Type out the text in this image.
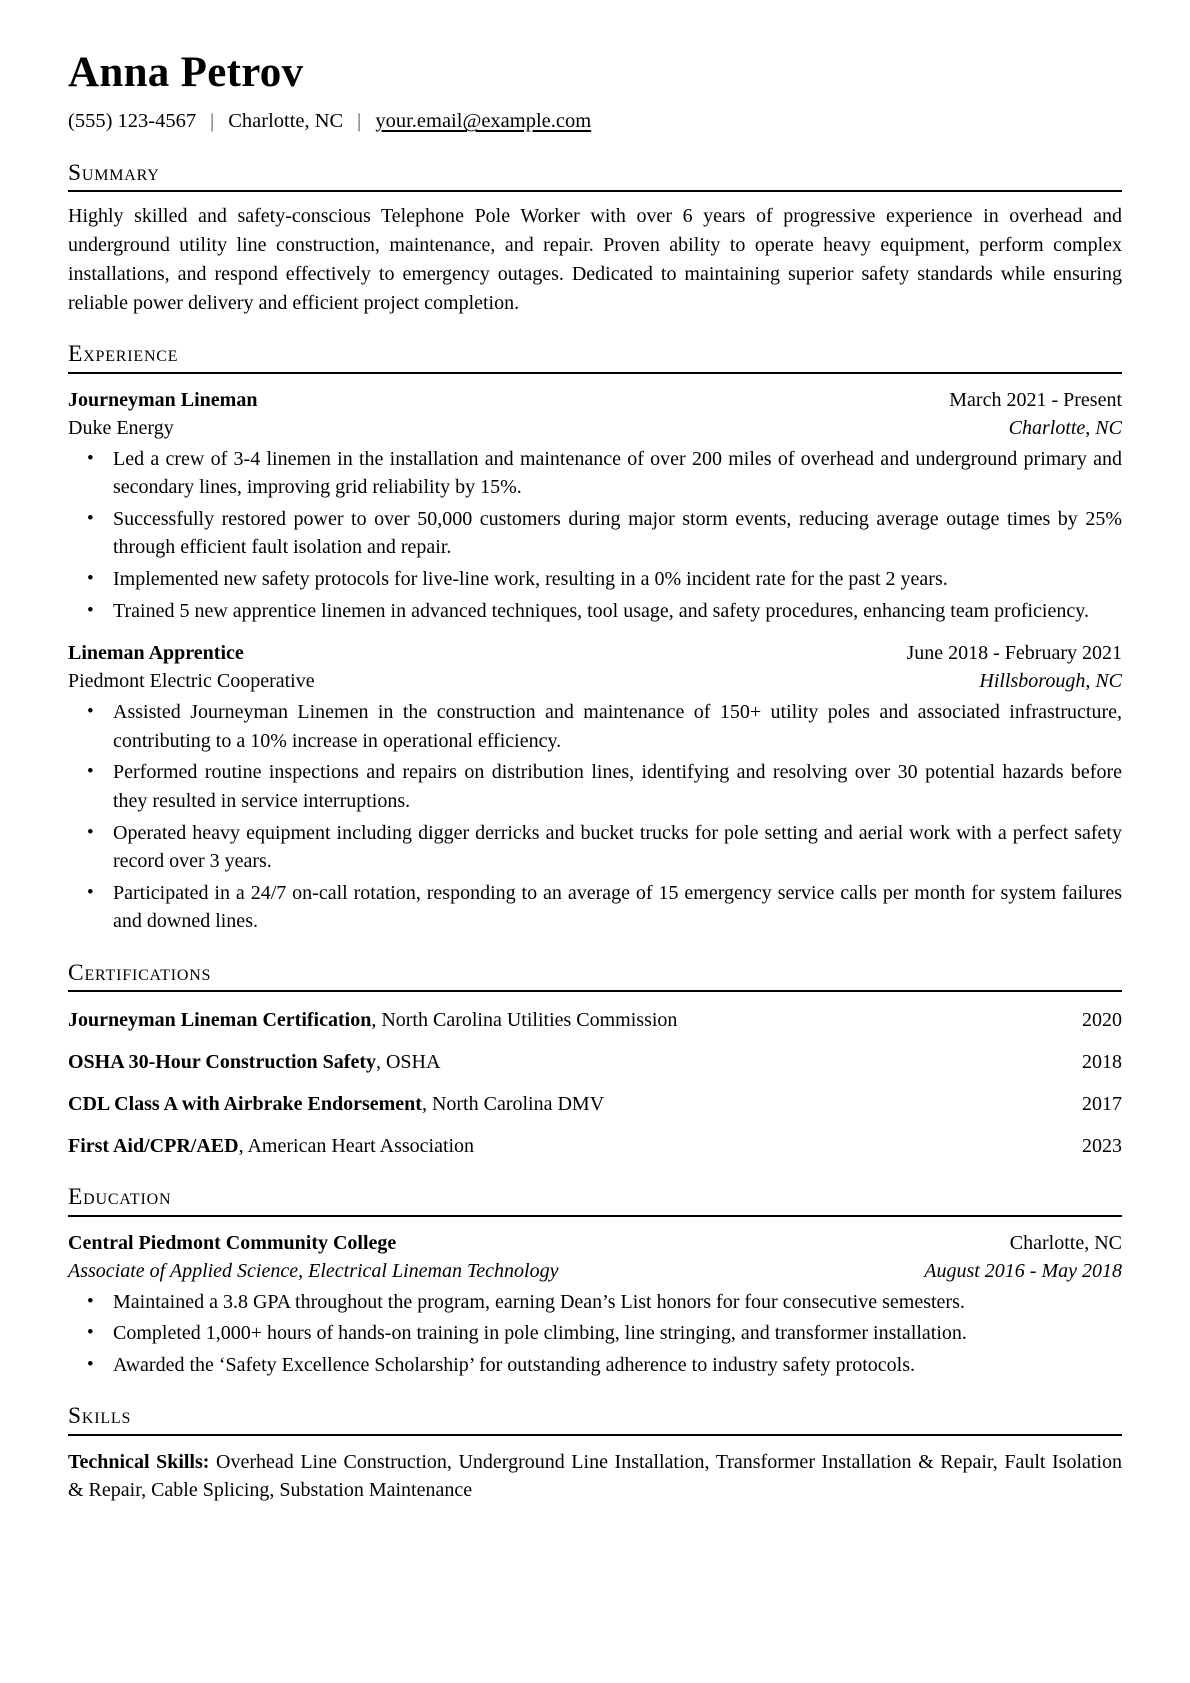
Anna Petrov
(555) 123-4567 | Charlotte, NC | your.email@example.com
Summary

Highly skilled and safety-conscious Telephone Pole Worker with over 6 years of progressive experience in overhead and underground utility line construction, maintenance, and repair. Proven ability to operate heavy equipment, perform complex installations, and respond effectively to emergency outages. Dedicated to maintaining superior safety standards while ensuring reliable power delivery and efficient project completion.

Experience
Journeyman Lineman	March 2021 - Present
Duke Energy	Charlotte, NC
• Led a crew of 3-4 linemen in the installation and maintenance of over 200 miles of overhead and underground primary and secondary lines, improving grid reliability by 15%.
• Successfully restored power to over 50,000 customers during major storm events, reducing average outage times by 25% through efficient fault isolation and repair.
• Implemented new safety protocols for live-line work, resulting in a 0% incident rate for the past 2 years.
• Trained 5 new apprentice linemen in advanced techniques, tool usage, and safety procedures, enhancing team proficiency.
Lineman Apprentice	June 2018 - February 2021
Piedmont Electric Cooperative	Hillsborough, NC
• Assisted Journeyman Linemen in the construction and maintenance of 150+ utility poles and associated infrastructure, contributing to a 10% increase in operational efficiency.
• Performed routine inspections and repairs on distribution lines, identifying and resolving over 30 potential hazards before they resulted in service interruptions.
• Operated heavy equipment including digger derricks and bucket trucks for pole setting and aerial work with a perfect safety record over 3 years.
• Participated in a 24/7 on-call rotation, responding to an average of 15 emergency service calls per month for system failures and downed lines.
Certifications
Journeyman Lineman Certification, North Carolina Utilities Commission	2020
OSHA 30-Hour Construction Safety, OSHA	2018
CDL Class A with Airbrake Endorsement, North Carolina DMV	2017
First Aid/CPR/AED, American Heart Association	2023
Education
Central Piedmont Community College	Charlotte, NC
Associate of Applied Science, Electrical Lineman Technology	August 2016 - May 2018
• Maintained a 3.8 GPA throughout the program, earning Dean’s List honors for four consecutive semesters.
• Completed 1,000+ hours of hands-on training in pole climbing, line stringing, and transformer installation.
• Awarded the ‘Safety Excellence Scholarship’ for outstanding adherence to industry safety protocols.
Skills

Technical Skills: Overhead Line Construction, Underground Line Installation, Transformer Installation & Repair, Fault Isolation & Repair, Cable Splicing, Substation Maintenance
